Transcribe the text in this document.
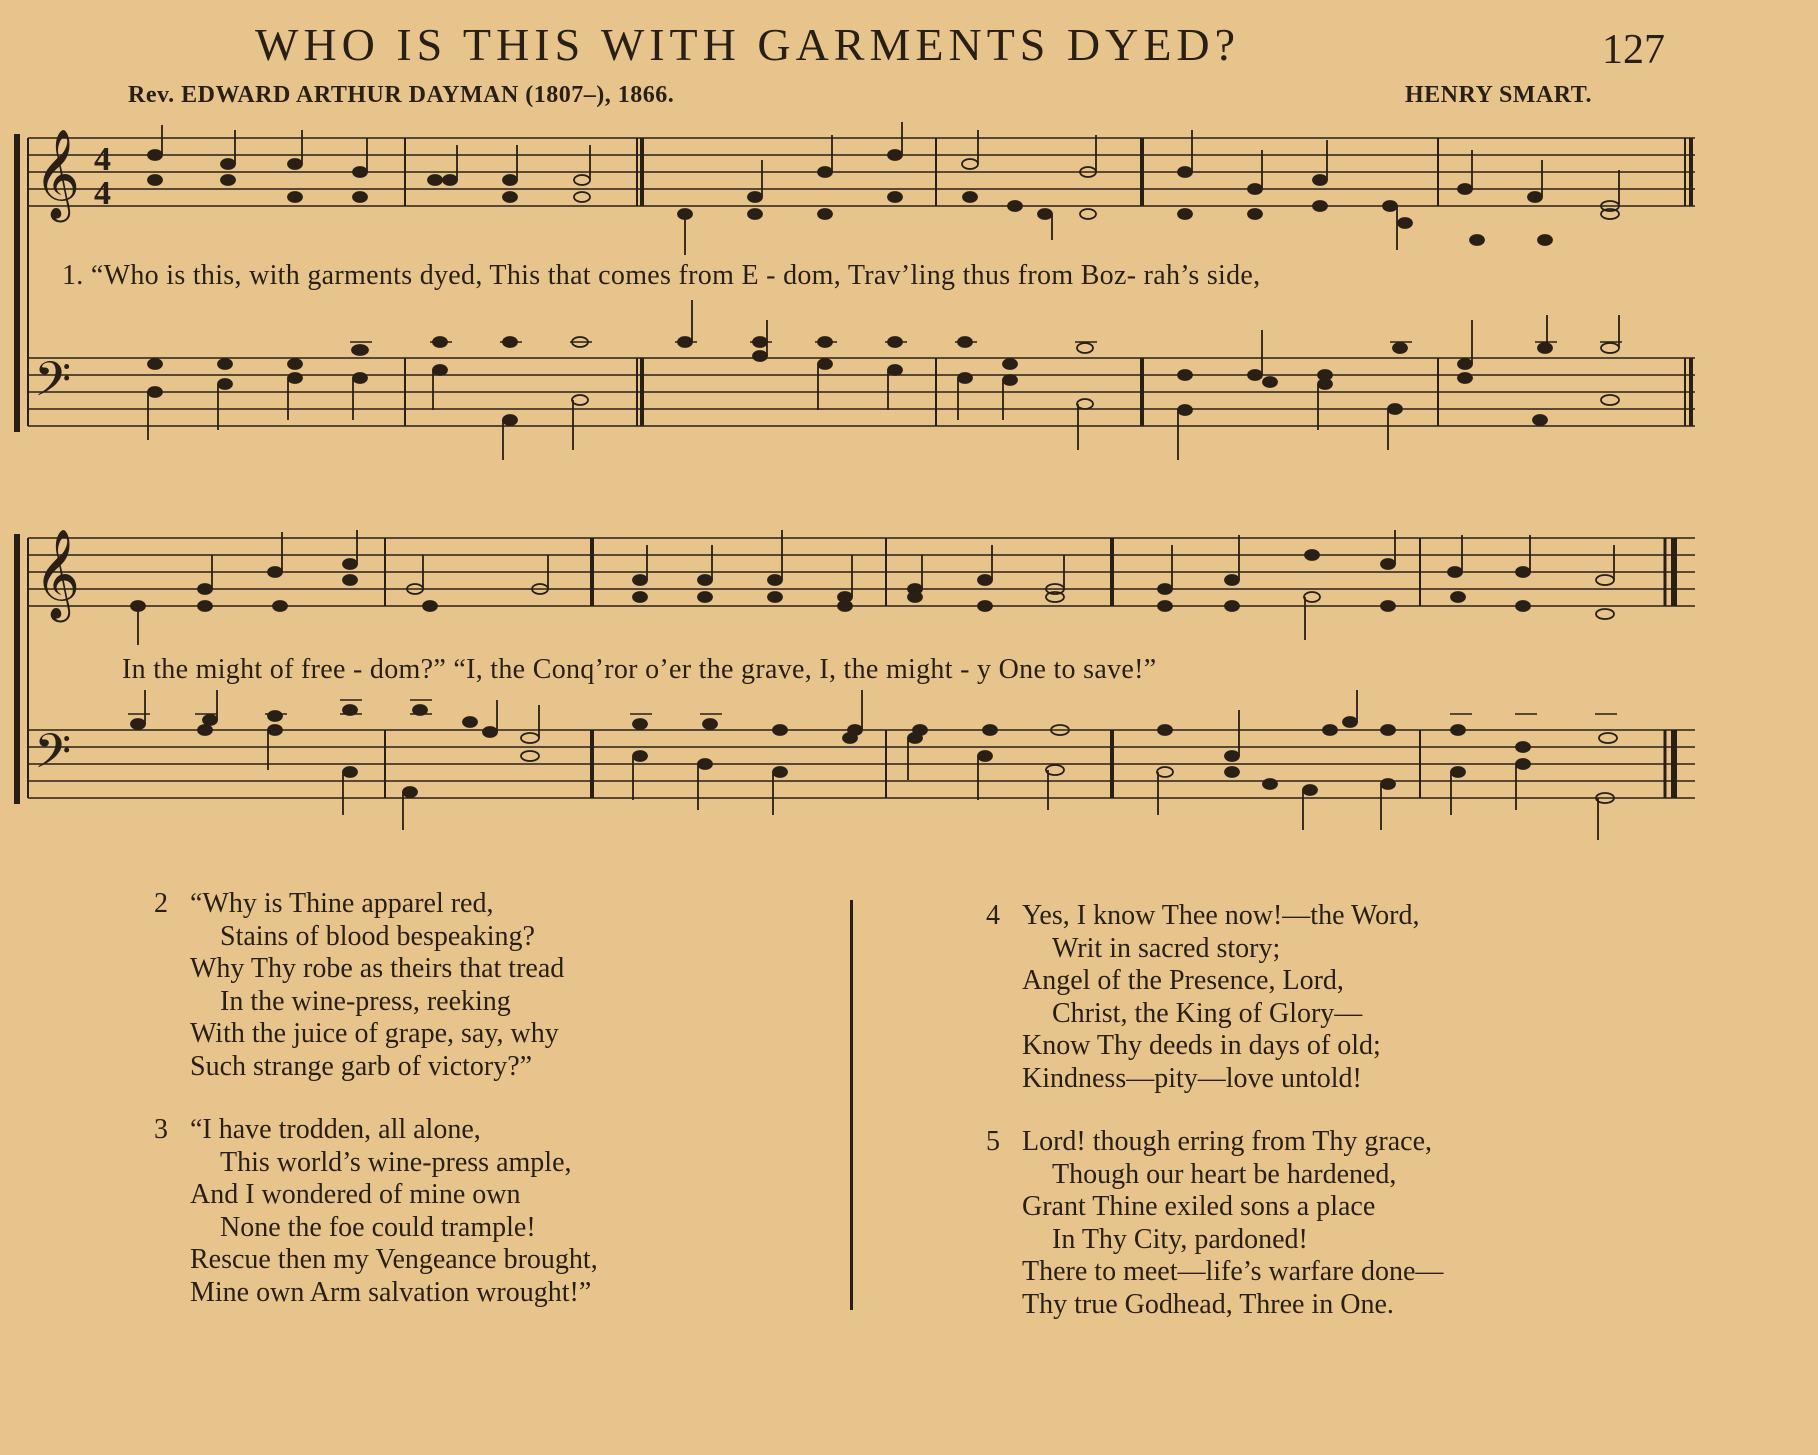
WHO IS THIS WITH GARMENTS DYED?	127
Rev. EDWARD ARTHUR DAYMAN (1807–), 1866.	HENRY SMART.
𝄞
𝄢
4
4
1. “Who is this, with garments dyed, This that comes from E - dom, Trav’ling thus from Boz- rah’s side,
𝄞
𝄢
In the might of free - dom?” “I, the Conq’ror o’er the grave, I, the might - y One to save!”
2 “Why is Thine apparel red,
Stains of blood bespeaking?
Why Thy robe as theirs that tread
In the wine-press, reeking
With the juice of grape, say, why
Such strange garb of victory?”
3 “I have trodden, all alone,
This world’s wine-press ample,
And I wondered of mine own
None the foe could trample!
Rescue then my Vengeance brought,
Mine own Arm salvation wrought!”
4 Yes, I know Thee now!—the Word,
Writ in sacred story;
Angel of the Presence, Lord,
Christ, the King of Glory—
Know Thy deeds in days of old;
Kindness—pity—love untold!
5 Lord! though erring from Thy grace,
Though our heart be hardened,
Grant Thine exiled sons a place
In Thy City, pardoned!
There to meet—life’s warfare done—
Thy true Godhead, Three in One.
